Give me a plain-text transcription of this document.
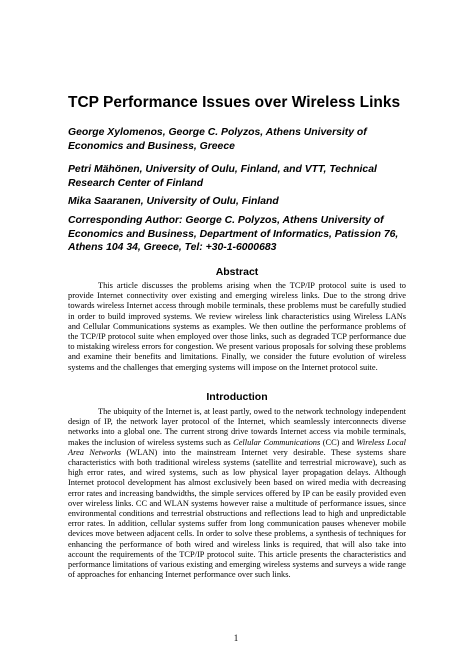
TCP Performance Issues over Wireless Links
George Xylomenos, George C. Polyzos, Athens University of Economics and Business, Greece
Petri Mähönen, University of Oulu, Finland, and VTT, Technical Research Center of Finland
Mika Saaranen, University of Oulu, Finland
Corresponding Author: George C. Polyzos, Athens University of Economics and Business, Department of Informatics, Patission 76, Athens 104 34, Greece, Tel: +30-1-6000683
Abstract

This article discusses the problems arising when the TCP/IP protocol suite is used to provide Internet connectivity over existing and emerging wireless links. Due to the strong drive towards wireless Internet access through mobile terminals, these problems must be carefully studied in order to build improved systems. We review wireless link characteristics using Wireless LANs and Cellular Communications systems as examples. We then outline the performance problems of the TCP/IP protocol suite when employed over those links, such as degraded TCP performance due to mistaking wireless errors for congestion. We present various proposals for solving these problems and examine their benefits and limitations. Finally, we consider the future evolution of wireless systems and the challenges that emerging systems will impose on the Internet protocol suite.

Introduction

The ubiquity of the Internet is, at least partly, owed to the network technology independent design of IP, the network layer protocol of the Internet, which seamlessly interconnects diverse networks into a global one. The current strong drive towards Internet access via mobile terminals, makes the inclusion of wireless systems such as Cellular Communications (CC) and Wireless Local Area Networks (WLAN) into the mainstream Internet very desirable. These systems share characteristics with both traditional wireless systems (satellite and terrestrial microwave), such as high error rates, and wired systems, such as low physical layer propagation delays. Although Internet protocol development has almost exclusively been based on wired media with decreasing error rates and increasing bandwidths, the simple services offered by IP can be easily provided even over wireless links. CC and WLAN systems however raise a multitude of performance issues, since environmental conditions and terrestrial obstructions and reflections lead to high and unpredictable error rates. In addition, cellular systems suffer from long communication pauses whenever mobile devices move between adjacent cells. In order to solve these problems, a synthesis of techniques for enhancing the performance of both wired and wireless links is required, that will also take into account the requirements of the TCP/IP protocol suite. This article presents the characteristics and performance limitations of various existing and emerging wireless systems and surveys a wide range of approaches for enhancing Internet performance over such links.

1
